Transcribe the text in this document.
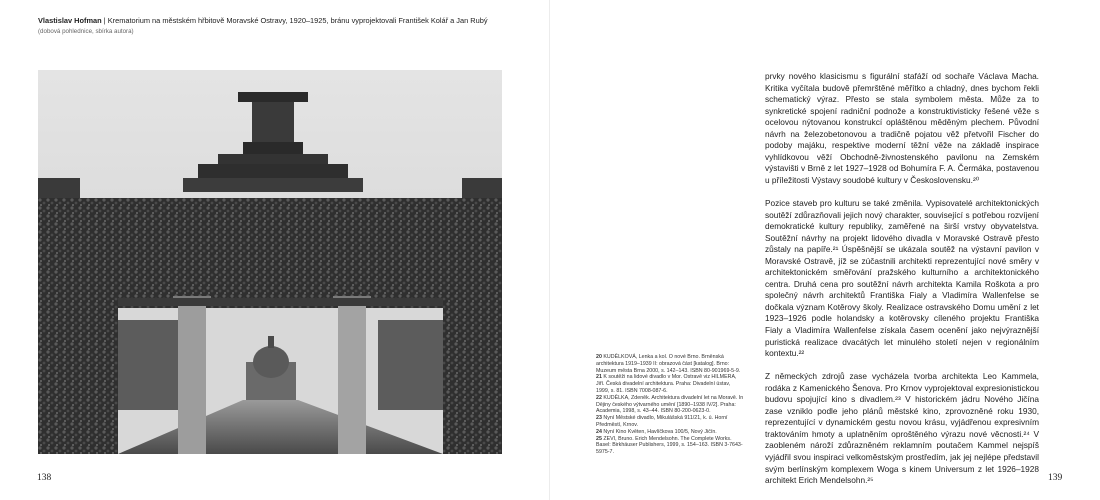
Vlastislav Hofman | Krematorium na městském hřbitově Moravské Ostravy, 1920–1925, bránu vyprojektovali František Kolář a Jan Rubý
(dobová pohlednice, sbírka autora)
138
20 KUDĚLKOVÁ, Lenka a kol. O nové Brno. Brněnská architektura 1919–1939 II: obrazová část [katalog]. Brno: Muzeum města Brna 2000, s. 142–143. ISBN 80-901969-5-9.
21 K soutěži na lidové divadlo v Mor. Ostravě viz HILMERA, Jiří. Česká divadelní architektura. Praha: Divadelní ústav, 1999, s. 81. ISBN 7008-087-6.
22 KUDĚLKA, Zdeněk. Architektura divadelní let na Moravě. In Dějiny českého výtvarného umění [1890–1938 IV/2]. Praha: Academia, 1998, s. 43–44. ISBN 80-200-0623-0.
23 Nyní Městské divadlo, Mikulášská 911/21, k. ú. Horní Předměstí, Krnov.
24 Nyní Kino Květen, Havlíčkova 100/5, Nový Jičín.
25 ZEVI, Bruno. Erich Mendelsohn. The Complete Works. Basel: Birkhäuser Publishers, 1999, s. 154–163. ISBN 3-7643-5975-7.

prvky nového klasicismu s figurální stafáží od sochaře Václava Macha. Kritika vyčítala budově přemrštěné měřítko a chladný, dnes bychom řekli schematický výraz. Přesto se stala symbolem města. Může za to synkretické spojení radniční podnože a konstruktivisticky řešené věže s ocelovou nýtovanou konstrukcí opláštěnou měděným plechem. Původní návrh na železobetonovou a tradičně pojatou věž přetvořil Fischer do podoby majáku, respektive moderní těžní věže na základě inspirace vyhlídkovou věží Obchodně-živnostenského pavilonu na Zemském výstavišti v Brně z let 1927–1928 od Bohumíra F. A. Čermáka, postavenou u příležitosti Výstavy soudobé kultury v Československu.²⁰

Pozice staveb pro kulturu se také změnila. Vypisovatelé architektonických soutěží zdůrazňovali jejich nový charakter, související s potřebou rozvíjení demokratické kultury republiky, zaměřené na širší vrstvy obyvatelstva. Soutěžní návrhy na projekt lidového divadla v Moravské Ostravě přesto zůstaly na papíře.²¹ Úspěšnější se ukázala soutěž na výstavní pavilon v Moravské Ostravě, jíž se zúčastnili architekti reprezentující nové směry v architektonickém směřování pražského kulturního a architektonického centra. Druhá cena pro soutěžní návrh architekta Kamila Roškota a pro společný návrh architektů Františka Fialy a Vladimíra Wallenfelse se dočkala význam Kotěrovy školy. Realizace ostravského Domu umění z let 1923–1926 podle holandsky a kotěrovsky cíleného projektu Františka Fialy a Vladimíra Wallenfelse získala časem ocenění jako nejvýraznější puristická realizace dvacátých let minulého století nejen v regionálním kontextu.²²

Z německých zdrojů zase vycházela tvorba architekta Leo Kammela, rodáka z Kamenického Šenova. Pro Krnov vyprojektoval expresionistickou budovu spojující kino s divadlem.²³ V historickém jádru Nového Jičína zase vzniklo podle jeho plánů městské kino, zprovozněné roku 1930, reprezentující v dynamickém gestu novou krásu, vyjádřenou expresivním traktováním hmoty a uplatněním oproštěného výrazu nové věcnosti.²⁴ V zaobleném nároží zdůrazněném reklamním poutačem Kammel nejspíš vyjádřil svou inspiraci velkoměstským prostředím, jak jej nejlépe představil svým berlínským komplexem Woga s kinem Universum z let 1926–1928 architekt Erich Mendelsohn.²⁵	139
